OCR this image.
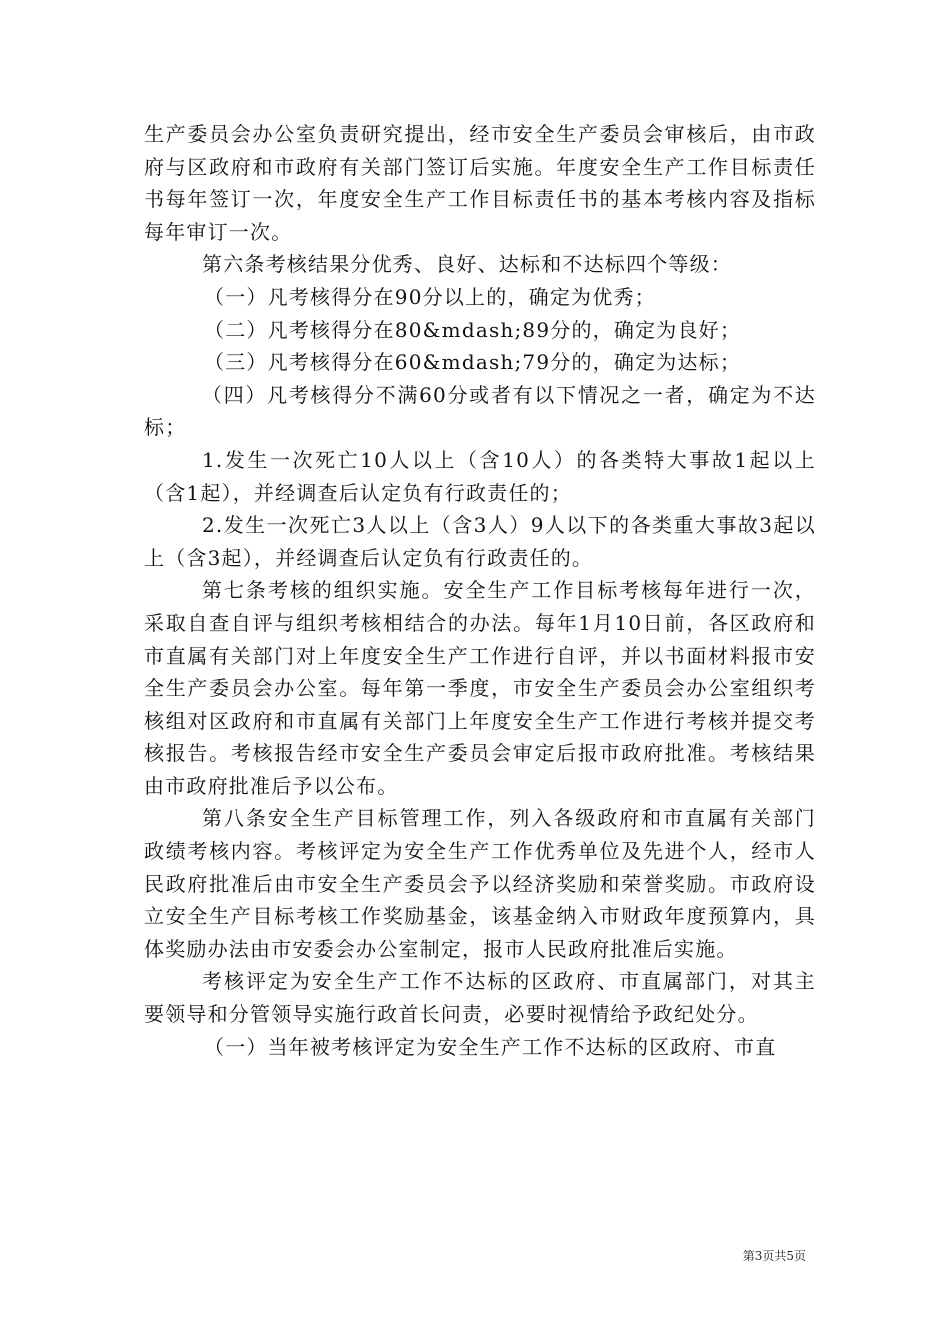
生产委员会办公室负责研究提出，经市安全生产委员会审核后，由市政府与区政府和市政府有关部门签订后实施。年度安全生产工作目标责任书每年签订一次，年度安全生产工作目标责任书的基本考核内容及指标每年审订一次。

第六条考核结果分优秀、良好、达标和不达标四个等级：

（一）凡考核得分在90分以上的，确定为优秀；

（二）凡考核得分在80&mdash;89分的，确定为良好；

（三）凡考核得分在60&mdash;79分的，确定为达标；

（四）凡考核得分不满60分或者有以下情况之一者，确定为不达标；

1.发生一次死亡10人以上（含10人）的各类特大事故1起以上（含1起），并经调查后认定负有行政责任的；

2.发生一次死亡3人以上（含3人）9人以下的各类重大事故3起以上（含3起），并经调查后认定负有行政责任的。

第七条考核的组织实施。安全生产工作目标考核每年进行一次，采取自查自评与组织考核相结合的办法。每年1月10日前，各区政府和市直属有关部门对上年度安全生产工作进行自评，并以书面材料报市安全生产委员会办公室。每年第一季度，市安全生产委员会办公室组织考核组对区政府和市直属有关部门上年度安全生产工作进行考核并提交考核报告。考核报告经市安全生产委员会审定后报市政府批准。考核结果由市政府批准后予以公布。

第八条安全生产目标管理工作，列入各级政府和市直属有关部门政绩考核内容。考核评定为安全生产工作优秀单位及先进个人，经市人民政府批准后由市安全生产委员会予以经济奖励和荣誉奖励。市政府设立安全生产目标考核工作奖励基金，该基金纳入市财政年度预算内，具体奖励办法由市安委会办公室制定，报市人民政府批准后实施。

考核评定为安全生产工作不达标的区政府、市直属部门，对其主要领导和分管领导实施行政首长问责，必要时视情给予政纪处分。

（一）当年被考核评定为安全生产工作不达标的区政府、市直

第3页共5页
